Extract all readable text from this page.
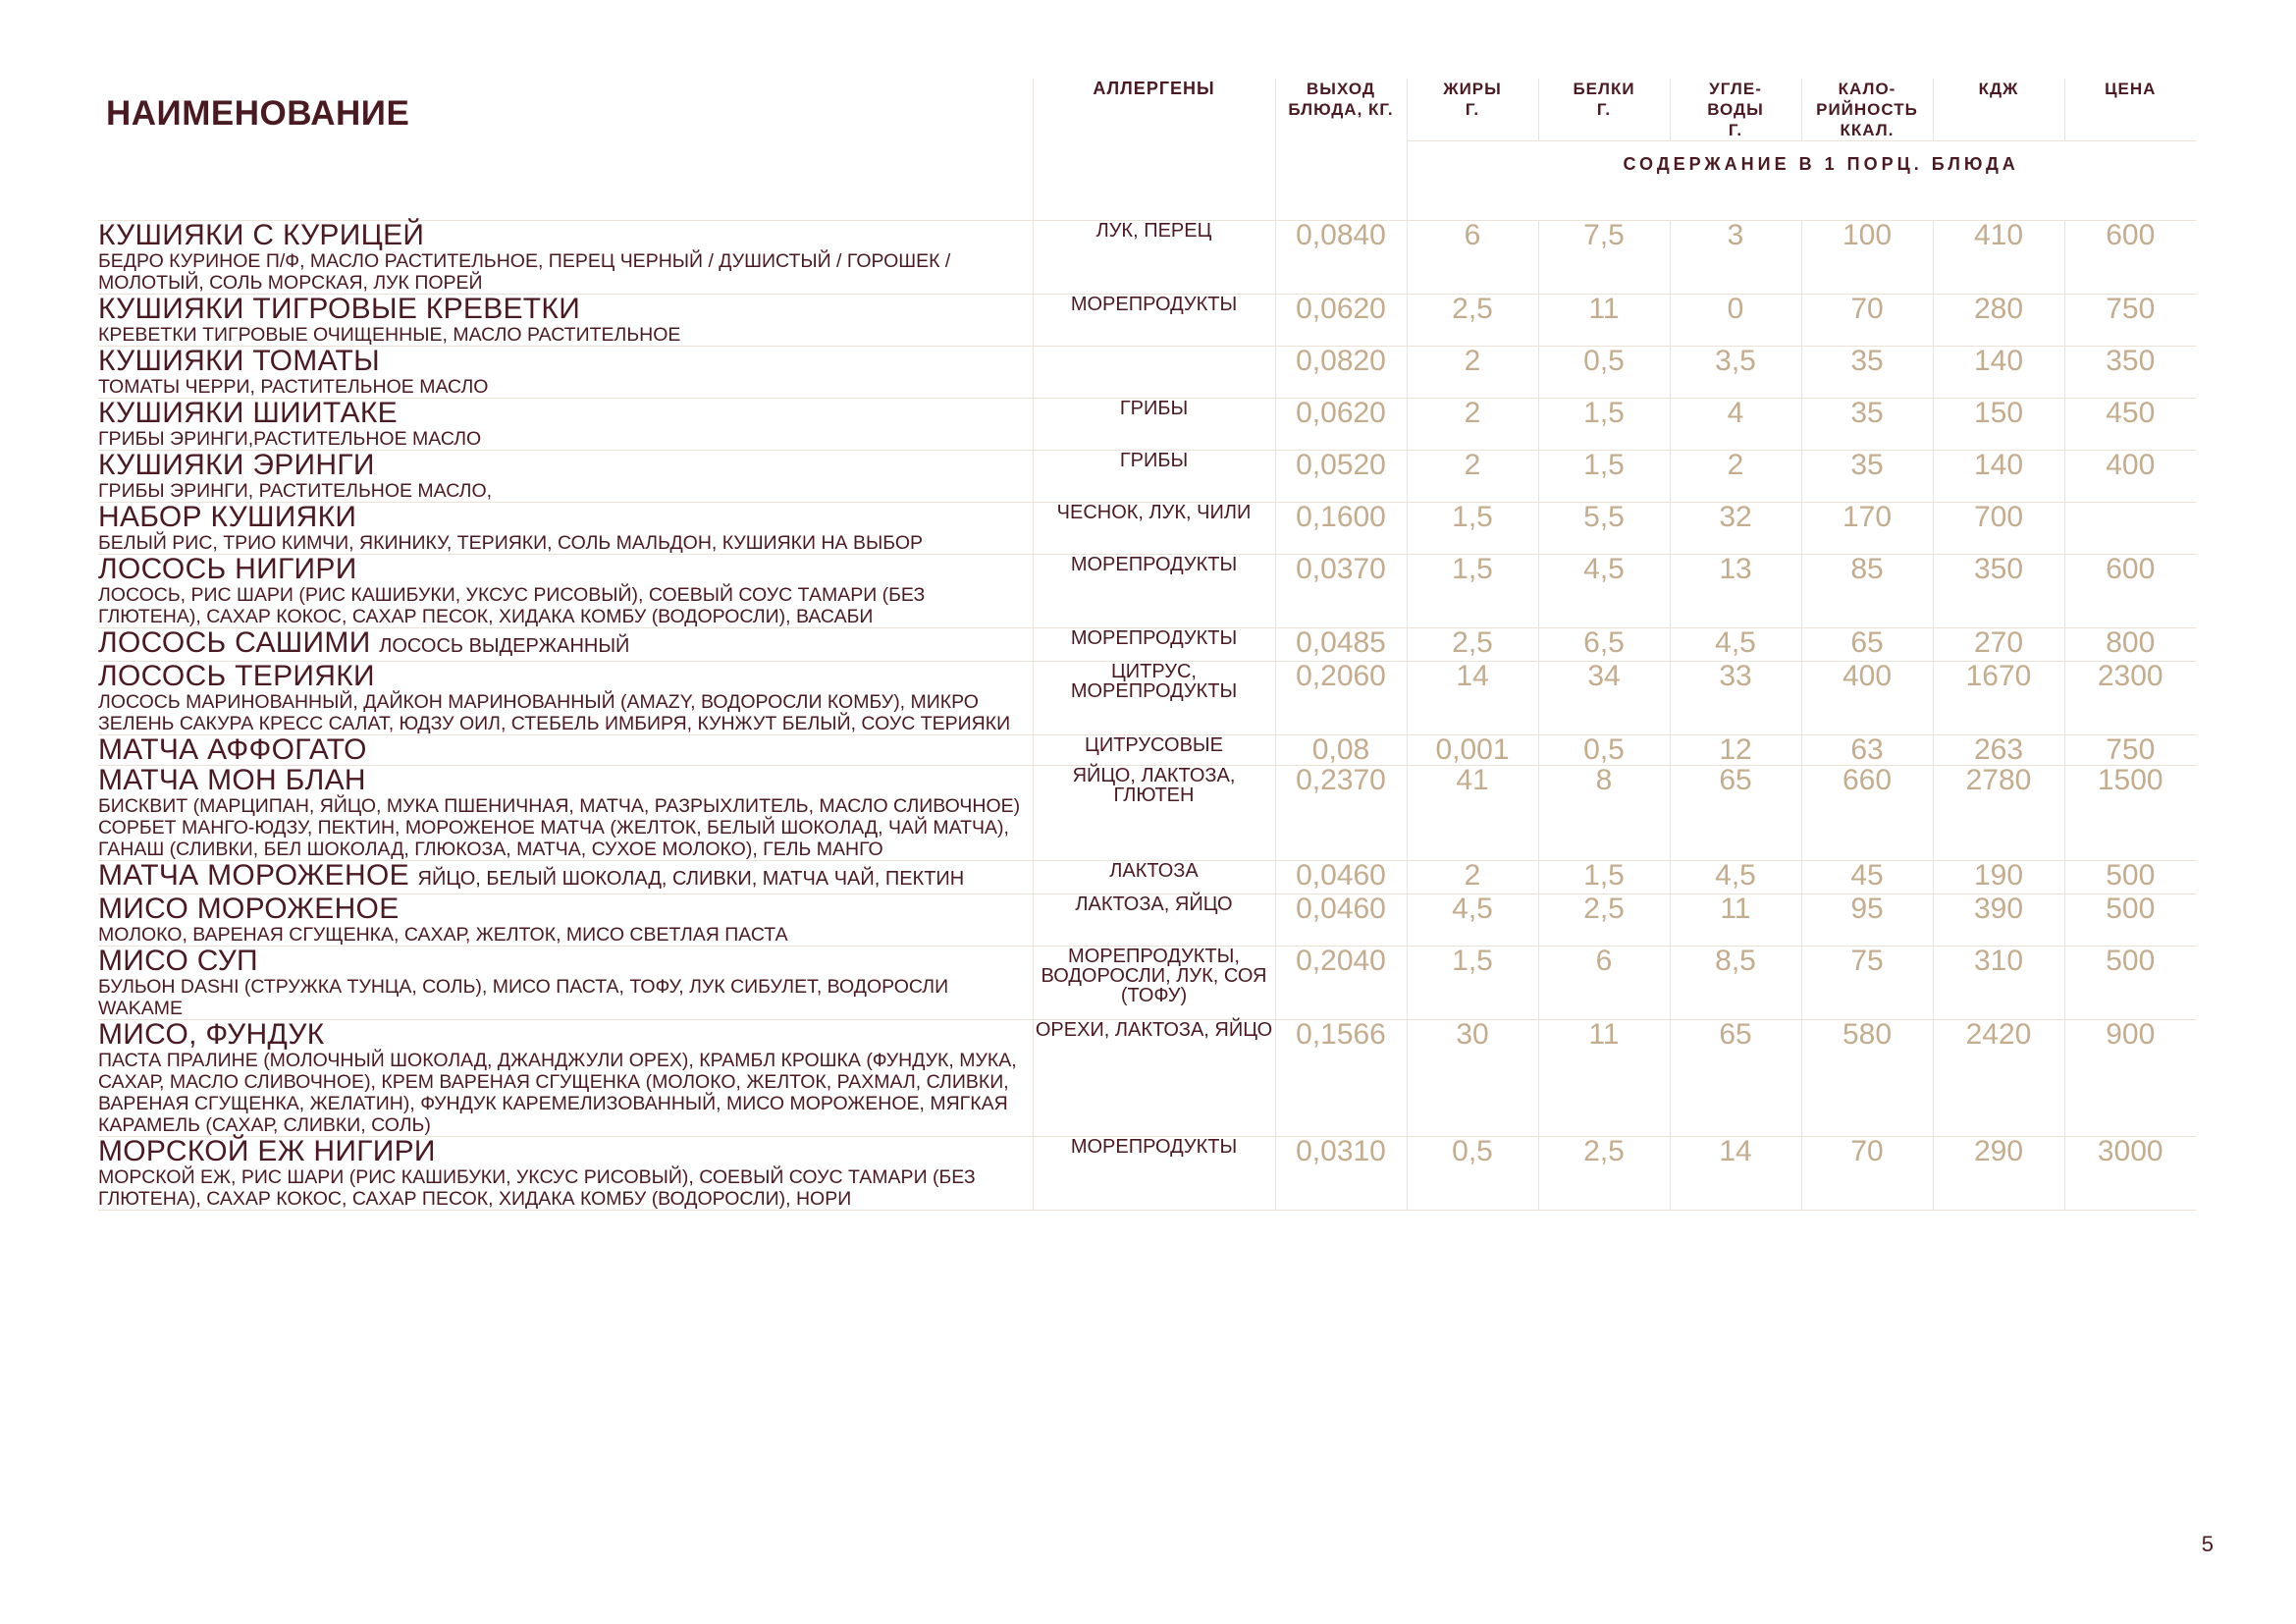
НАИМЕНОВАНИЕ	АЛЛЕРГЕНЫ	ВЫХОД БЛЮДА, КГ.	ЖИРЫ Г.	БЕЛКИ Г.	УГЛЕ- ВОДЫ Г.	КАЛО- РИЙНОСТЬ ККАЛ.	КДЖ	ЦЕНА
			СОДЕРЖАНИЕ В 1 ПОРЦ. БЛЮДА					

КУШИЯКИ С КУРИЦЕЙ
БЕДРО КУРИНОЕ П/Ф, МАСЛО РАСТИТЕЛЬНОЕ, ПЕРЕЦ ЧЕРНЫЙ / ДУШИСТЫЙ / ГОРОШЕК / МОЛОТЫЙ, СОЛЬ МОРСКАЯ, ЛУК ПОРЕЙ	ЛУК, ПЕРЕЦ	0,0840	6	7,5	3	100	410	600

КУШИЯКИ ТИГРОВЫЕ КРЕВЕТКИ
КРЕВЕТКИ ТИГРОВЫЕ ОЧИЩЕННЫЕ, МАСЛО РАСТИТЕЛЬНОЕ	МОРЕПРОДУКТЫ	0,0620	2,5	11	0	70	280	750

КУШИЯКИ ТОМАТЫ
ТОМАТЫ ЧЕРРИ, РАСТИТЕЛЬНОЕ МАСЛО		0,0820	2	0,5	3,5	35	140	350

КУШИЯКИ ШИИТАКЕ
ГРИБЫ ЭРИНГИ,РАСТИТЕЛЬНОЕ МАСЛО	ГРИБЫ	0,0620	2	1,5	4	35	150	450

КУШИЯКИ ЭРИНГИ
ГРИБЫ ЭРИНГИ, РАСТИТЕЛЬНОЕ МАСЛО,	ГРИБЫ	0,0520	2	1,5	2	35	140	400

НАБОР КУШИЯКИ
БЕЛЫЙ РИС, ТРИО КИМЧИ, ЯКИНИКУ, ТЕРИЯКИ, СОЛЬ МАЛЬДОН, КУШИЯКИ НА ВЫБОР	ЧЕСНОК, ЛУК, ЧИЛИ	0,1600	1,5	5,5	32	170	700	

ЛОСОСЬ НИГИРИ
ЛОСОСЬ, РИС ШАРИ (РИС КАШИБУКИ, УКСУС РИСОВЫЙ), СОЕВЫЙ СОУС ТАМАРИ (БЕЗ ГЛЮТЕНА), САХАР КОКОС, САХАР ПЕСОК, ХИДАКА КОМБУ (ВОДОРОСЛИ), ВАСАБИ	МОРЕПРОДУКТЫ	0,0370	1,5	4,5	13	85	350	600

ЛОСОСЬ САШИМИ ЛОСОСЬ ВЫДЕРЖАННЫЙ	МОРЕПРОДУКТЫ	0,0485	2,5	6,5	4,5	65	270	800

ЛОСОСЬ ТЕРИЯКИ
ЛОСОСЬ МАРИНОВАННЫЙ, ДАЙКОН МАРИНОВАННЫЙ (AMAZY, ВОДОРОСЛИ КОМБУ), МИКРО ЗЕЛЕНЬ САКУРА КРЕСС САЛАТ, ЮДЗУ ОИЛ, СТЕБЕЛЬ ИМБИРЯ, КУНЖУТ БЕЛЫЙ, СОУС ТЕРИЯКИ	ЦИТРУС, МОРЕПРОДУКТЫ	0,2060	14	34	33	400	1670	2300

МАТЧА АФФОГАТО	ЦИТРУСОВЫЕ	0,08	0,001	0,5	12	63	263	750

МАТЧА МОН БЛАН
БИСКВИТ (МАРЦИПАН, ЯЙЦО, МУКА ПШЕНИЧНАЯ, МАТЧА, РАЗРЫХЛИТЕЛЬ, МАСЛО СЛИВОЧНОЕ) СОРБЕТ МАНГО-ЮДЗУ, ПЕКТИН, МОРОЖЕНОЕ МАТЧА (ЖЕЛТОК, БЕЛЫЙ ШОКОЛАД, ЧАЙ МАТЧА), ГАНАШ (СЛИВКИ, БЕЛ ШОКОЛАД, ГЛЮКОЗА, МАТЧА, СУХОЕ МОЛОКО), ГЕЛЬ МАНГО	ЯЙЦО, ЛАКТОЗА, ГЛЮТЕН	0,2370	41	8	65	660	2780	1500

МАТЧА МОРОЖЕНОЕ ЯЙЦО, БЕЛЫЙ ШОКОЛАД, СЛИВКИ, МАТЧА ЧАЙ, ПЕКТИН	ЛАКТОЗА	0,0460	2	1,5	4,5	45	190	500

МИСО МОРОЖЕНОЕ
МОЛОКО, ВАРЕНАЯ СГУЩЕНКА, САХАР, ЖЕЛТОК, МИСО СВЕТЛАЯ ПАСТА	ЛАКТОЗА, ЯЙЦО	0,0460	4,5	2,5	11	95	390	500

МИСО СУП
БУЛЬОН DASHI (СТРУЖКА ТУНЦА, СОЛЬ), МИСО ПАСТА, ТОФУ, ЛУК СИБУЛЕТ, ВОДОРОСЛИ WAKAME	МОРЕПРОДУКТЫ, ВОДОРОСЛИ, ЛУК, СОЯ (ТОФУ)	0,2040	1,5	6	8,5	75	310	500

МИСО, ФУНДУК
ПАСТА ПРАЛИНЕ (МОЛОЧНЫЙ ШОКОЛАД, ДЖАНДЖУЛИ ОРЕХ), КРАМБЛ КРОШКА (ФУНДУК, МУКА, САХАР, МАСЛО СЛИВОЧНОЕ), КРЕМ ВАРЕНАЯ СГУЩЕНКА (МОЛОКО, ЖЕЛТОК, РАХМАЛ, СЛИВКИ, ВАРЕНАЯ СГУЩЕНКА, ЖЕЛАТИН), ФУНДУК КАРЕМЕЛИЗОВАННЫЙ, МИСО МОРОЖЕНОЕ, МЯГКАЯ КАРАМЕЛЬ (САХАР, СЛИВКИ, СОЛЬ)	ОРЕХИ, ЛАКТОЗА, ЯЙЦО	0,1566	30	11	65	580	2420	900

МОРСКОЙ ЕЖ НИГИРИ
МОРСКОЙ ЕЖ, РИС ШАРИ (РИС КАШИБУКИ, УКСУС РИСОВЫЙ), СОЕВЫЙ СОУС ТАМАРИ (БЕЗ ГЛЮТЕНА), САХАР КОКОС, САХАР ПЕСОК, ХИДАКА КОМБУ (ВОДОРОСЛИ), НОРИ	МОРЕПРОДУКТЫ	0,0310	0,5	2,5	14	70	290	3000
5
